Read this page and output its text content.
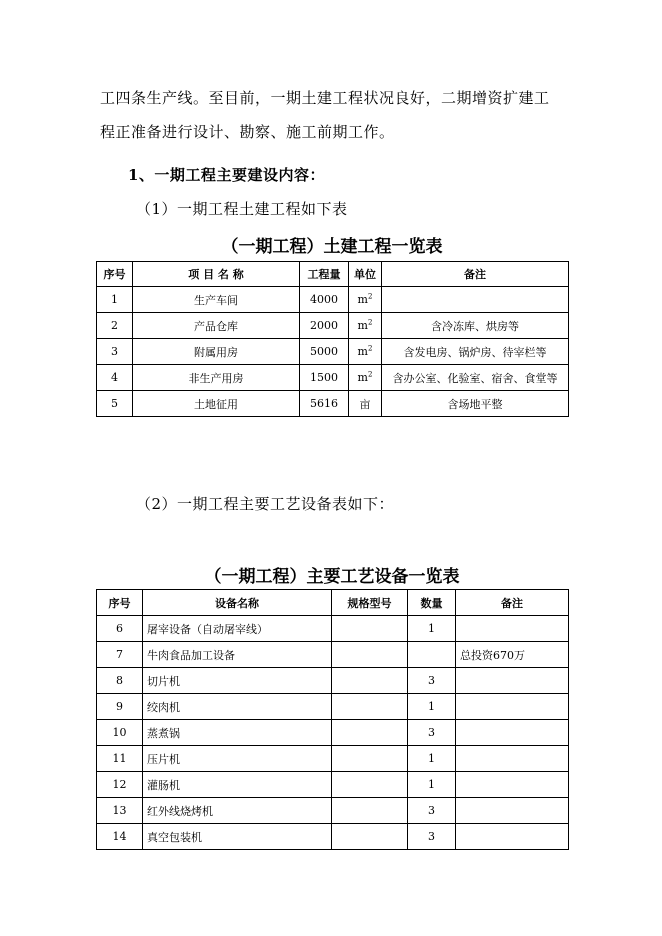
工四条生产线。至目前，一期土建工程状况良好，二期增资扩建工
程正准备进行设计、勘察、施工前期工作。
1、一期工程主要建设内容：
（1）一期工程土建工程如下表
（一期工程）土建工程一览表
序号	项 目 名 称	工程量	单位	备注
1	生产车间	4000	$m^2$	
2	产品仓库	2000	$m^2$	含冷冻库、烘房等
3	附属用房	5000	$m^2$	含发电房、锅炉房、待宰栏等
4	非生产用房	1500	$m^2$	含办公室、化验室、宿舍、食堂等
5	土地征用	5616	亩	含场地平整
（2）一期工程主要工艺设备表如下：
（一期工程）主要工艺设备一览表
序号	设备名称	规格型号	数量	备注
6	屠宰设备（自动屠宰线）		1	
7	牛肉食品加工设备			总投资670万
8	切片机		3	
9	绞肉机		1	
10	蒸煮锅		3	
11	压片机		1	
12	灌肠机		1	
13	红外线烧烤机		3	
14	真空包装机		3	
